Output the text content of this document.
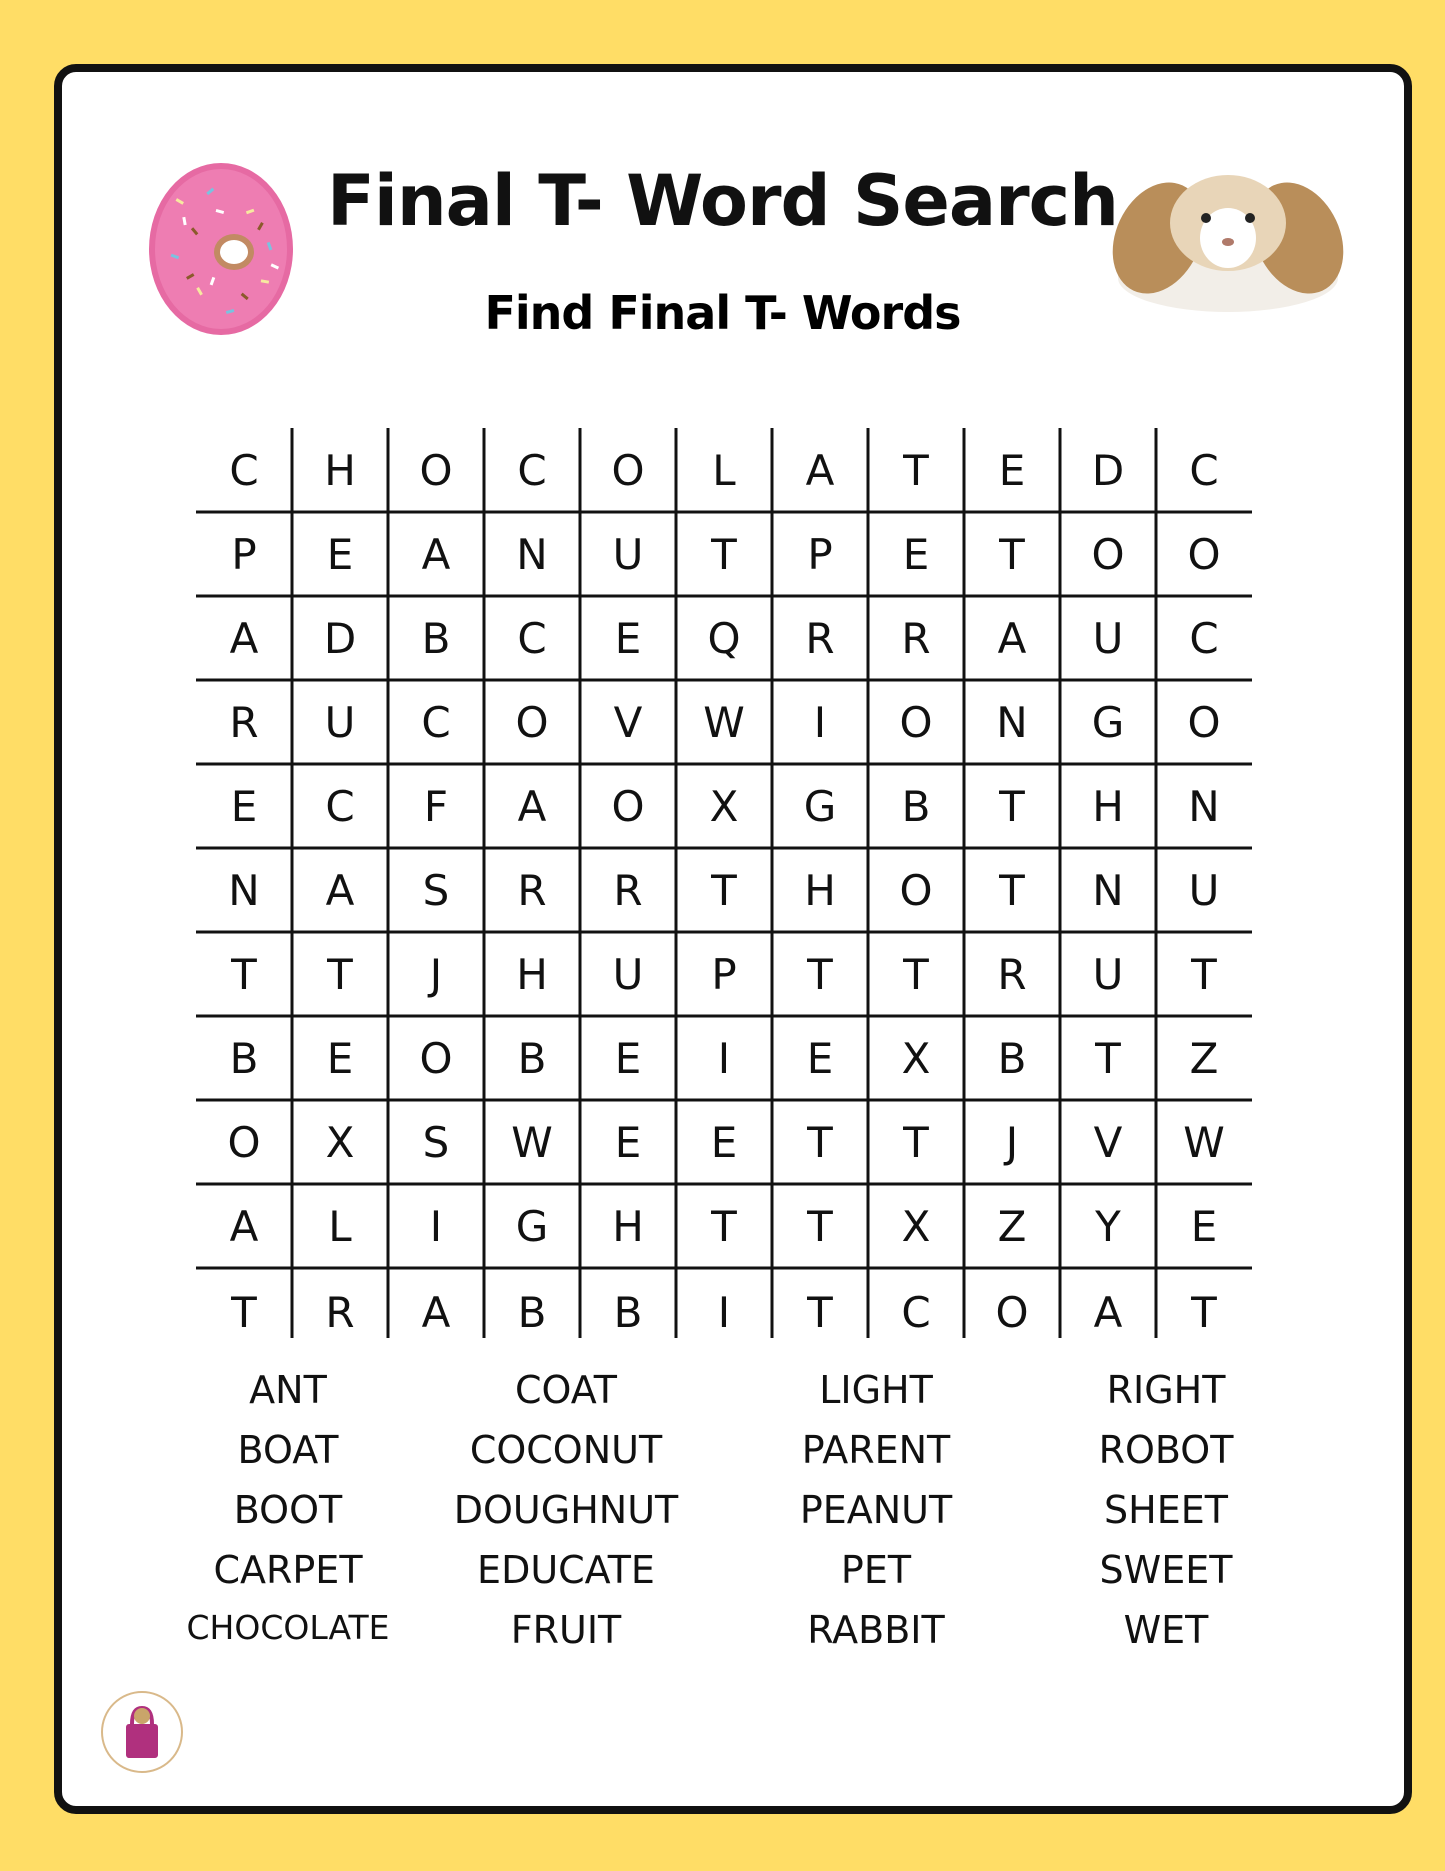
Final T- Word Search
Find Final T- Words
C	H	O	C	O	L	A	T	E	D	C
P	E	A	N	U	T	P	E	T	O	O
A	D	B	C	E	Q	R	R	A	U	C
R	U	C	O	V	W	I	O	N	G	O
E	C	F	A	O	X	G	B	T	H	N
N	A	S	R	R	T	H	O	T	N	U
T	T	J	H	U	P	T	T	R	U	T
B	E	O	B	E	I	E	X	B	T	Z
O	X	S	W	E	E	T	T	J	V	W
A	L	I	G	H	T	T	X	Z	Y	E
T	R	A	B	B	I	T	C	O	A	T
ANT
BOAT
BOOT
CARPET
CHOCOLATE
COAT
COCONUT
DOUGHNUT
EDUCATE
FRUIT
LIGHT
PARENT
PEANUT
PET
RABBIT
RIGHT
ROBOT
SHEET
SWEET
WET
